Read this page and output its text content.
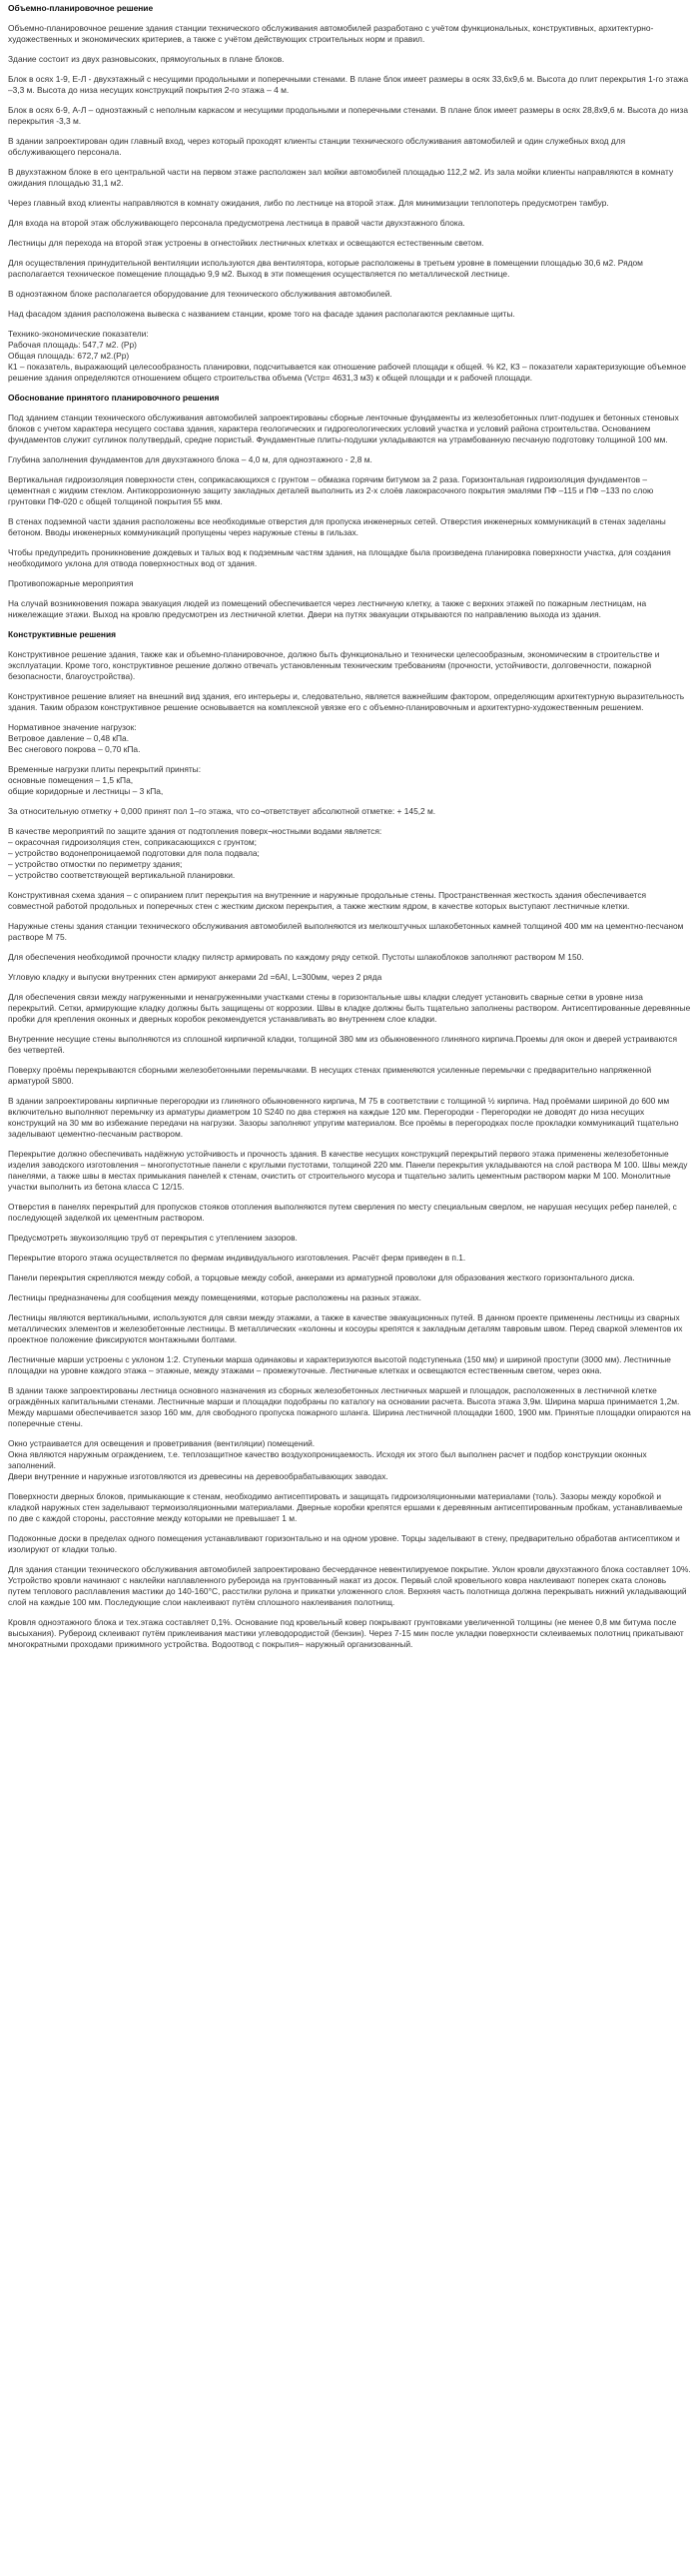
Объемно-планировочное решение
Объемно-планировочное решение здания станции технического обслуживания автомобилей разработано с учётом функциональных, конструктивных, архитектурно-художественных и экономических критериев, а также с учётом действующих строительных норм и правил.
Здание состоит из двух разновысоких, прямоугольных в плане блоков.
Блок в осях 1-9, Е-Л - двухэтажный с несущими продольными и поперечными стенами. В плане блок имеет размеры в осях 33,6х9,6 м. Высота до плит перекрытия 1-го этажа –3,3 м. Высота до низа несущих конструкций покрытия 2-го этажа – 4 м.
Блок в осях 6-9, А-Л – одноэтажный с неполным каркасом и несущими продольными и поперечными стенами. В плане блок имеет размеры в осях 28,8х9,6 м. Высота до низа перекрытия -3,3 м.
В здании запроектирован один главный вход, через который проходят клиенты станции технического обслуживания автомобилей и один служебных вход для обслуживающего персонала.
В двухэтажном блоке в его центральной части на первом этаже расположен зал мойки автомобилей площадью 112,2 м2. Из зала мойки клиенты направляются в комнату ожидания площадью 31,1 м2.
Через главный вход клиенты направляются в комнату ожидания, либо по лестнице на второй этаж. Для минимизации теплопотерь предусмотрен тамбур.
Для входа на второй этаж обслуживающего персонала предусмотрена лестница в правой части двухэтажного блока.
Лестницы для перехода на второй этаж устроены в огнестойких лестничных клетках и освещаются естественным светом.
Для осуществления принудительной вентиляции используются два вентилятора, которые расположены в третьем уровне в помещении площадью 30,6 м2. Рядом располагается техническое помещение площадью 9,9 м2. Выход в эти помещения осуществляется по металлической лестнице.
В одноэтажном блоке располагается оборудование для технического обслуживания автомобилей.
Над фасадом здания расположена вывеска с названием станции, кроме того на фасаде здания располагаются рекламные щиты.
Технико-экономические показатели:
Рабочая площадь: 547,7 м2. (Рр)
Общая площадь: 672,7 м2.(Рр)
К1 – показатель, выражающий целесообразность планировки, подсчитывается как отношение рабочей площади к общей. % К2, К3 – показатели характеризующие объемное решение здания определяются отношением общего строительства объема (Vстр= 4631,3 м3) к общей площади и к рабочей площади.
Обоснование принятого планировочного решения
Под зданием станции технического обслуживания автомобилей запроектированы сборные ленточные фундаменты из железобетонных плит-подушек и бетонных стеновых блоков с учетом характера несущего состава здания, характера геологических и гидрогеологических условий участка и условий района строительства. Основанием фундаментов служит суглинок полутвердый, средне пористый. Фундаментные плиты-подушки укладываются на утрамбованную песчаную подготовку толщиной 100 мм.
Глубина заполнения фундаментов для двухэтажного блока – 4,0 м, для одноэтажного - 2,8 м.
Вертикальная гидроизоляция поверхности стен, соприкасающихся с грунтом – обмазка горячим битумом за 2 раза. Горизонтальная гидроизоляция фундаментов – цементная с жидким стеклом. Антикоррозионную защиту закладных деталей выполнить из 2-х слоёв лакокрасочного покрытия эмалями ПФ –115 и ПФ –133 по слою грунтовки ПФ-020 с общей толщиной покрытия 55 мкм.
В стенах подземной части здания расположены все необходимые отверстия для пропуска инженерных сетей. Отверстия инженерных коммуникаций в стенах заделаны бетоном. Вводы инженерных коммуникаций пропущены через наружные стены в гильзах.
Чтобы предупредить проникновение дождевых и талых вод к подземным частям здания, на площадке была произведена планировка поверхности участка, для создания необходимого уклона для отвода поверхностных вод от здания.
Противопожарные мероприятия
На случай возникновения пожара эвакуация людей из помещений обеспечивается через лестничную клетку, а также с верхних этажей по пожарным лестницам, на нижележащие этажи. Выход на кровлю предусмотрен из лестничной клетки. Двери на путях эвакуации открываются по направлению выхода из здания.
Конструктивные решения
Конструктивное решение здания, также как и объемно-планировочное, должно быть функционально и технически целесообразным, экономическим в строительстве и эксплуатации. Кроме того, конструктивное решение должно отвечать установленным техническим требованиям (прочности, устойчивости, долговечности, пожарной безопасности, благоустройства).
Конструктивное решение влияет на внешний вид здания, его интерьеры и, следовательно, является важнейшим фактором, определяющим архитектурную выразительность здания. Таким образом конструктивное решение основывается на комплексной увязке его с объемно-планировочным и архитектурно-художественным решением.
Нормативное значение нагрузок:
Ветровое давление – 0,48 кПа.
Вес снегового покрова – 0,70 кПа.
Временные нагрузки плиты перекрытий приняты:
основные помещения – 1,5 кПа,
общие коридорные и лестницы – 3 кПа,
За относительную отметку + 0,000 принят пол 1–го этажа, что со¬ответствует абсолютной отметке: + 145,2 м.
В качестве мероприятий по защите здания от подтопления поверх¬ностными водами является:
– окрасочная гидроизоляция стен, соприкасающихся с грунтом;
– устройство водонепроницаемой подготовки для пола подвала;
– устройство отмостки по периметру здания;
– устройство соответствующей вертикальной планировки.
Конструктивная схема здания – с опиранием плит перекрытия на внутренние и наружные продольные стены. Пространственная жесткость здания обеспечивается совместной работой продольных и поперечных стен с жестким диском перекрытия, а также жестким ядром, в качестве которых выступают лестничные клетки.
Наружные стены здания станции технического обслуживания автомобилей выполняются из мелкоштучных шлакобетонных камней толщиной 400 мм на цементно-песчаном растворе М 75.
Для обеспечения необходимой прочности кладку пилястр армировать по каждому ряду сеткой. Пустоты шлакоблоков заполняют раствором М 150.
Угловую кладку и выпуски внутренних стен армируют анкерами 2d =6AI, L=300мм, через 2 ряда
Для обеспечения связи между нагруженными и ненагруженными участками стены в горизонтальные швы кладки следует установить сварные сетки в уровне низа перекрытий. Сетки, армирующие кладку должны быть защищены от коррозии. Швы в кладке должны быть тщательно заполнены раствором. Антисептированные деревянные пробки для крепления оконных и дверных коробок рекомендуется устанавливать во внутреннем слое кладки.
Внутренние несущие стены выполняются из сплошной кирпичной кладки, толщиной 380 мм из обыкновенного глиняного кирпича.Проемы для окон и дверей устраиваются без четвертей.
Поверху проёмы перекрываются сборными железобетонными перемычками. В несущих стенах применяются усиленные перемычки с предварительно напряженной арматурой S800.
В здании запроектированы кирпичные перегородки из глиняного обыкновенного кирпича, М 75 в соответствии с толщиной ½ кирпича. Над проёмами шириной до 600 мм включительно выполняют перемычку из арматуры диаметром 10 S240 по два стержня на каждые 120 мм. Перегородки - Перегородки не доводят до низа несущих конструкций на 30 мм во избежание передачи на нагрузки. Зазоры заполняют упругим материалом. Все проёмы в перегородках после прокладки коммуникаций тщательно заделывают цементно-песчаным раствором.
Перекрытие должно обеспечивать надёжную устойчивость и прочность здания. В качестве несущих конструкций перекрытий первого этажа применены железобетонные изделия заводского изготовления – многопустотные панели с круглыми пустотами, толщиной 220 мм. Панели перекрытия укладываются на слой раствора М 100. Швы между панелями, а также швы в местах примыкания панелей к стенам, очистить от строительного мусора и тщательно залить цементным раствором марки М 100. Монолитные участки выполнить из бетона класса С 12/15.
Отверстия в панелях перекрытий для пропусков стояков отопления выполняются путем сверления по месту специальным сверлом, не нарушая несущих ребер панелей, с последующей заделкой их цементным раствором.
Предусмотреть звукоизоляцию труб от перекрытия с утеплением зазоров.
Перекрытие второго этажа осуществляется по фермам индивидуального изготовления. Расчёт ферм приведен в п.1.
Панели перекрытия скрепляются между собой, а торцовые между собой, анкерами из арматурной проволоки для образования жесткого горизонтального диска.
Лестницы предназначены для сообщения между помещениями, которые расположены на разных этажах.
Лестницы являются вертикальными, используются для связи между этажами, а также в качестве эвакуационных путей. В данном проекте применены лестницы из сварных металлических элементов и железобетонные лестницы. В металлических «колонны и косоуры крепятся к закладным деталям тавровым швом. Перед сваркой элементов их проектное положение фиксируются монтажными болтами.
Лестничные марши устроены с уклоном 1:2. Ступеньки марша одинаковы и характеризуются высотой подступенька (150 мм) и шириной проступи (3000 мм). Лестничные площадки на уровне каждого этажа – этажные, между этажами – промежуточные. Лестничные клетках и освещаются естественным светом, через окна.
В здании также запроектированы лестница основного назначения из сборных железобетонных лестничных маршей и площадок, расположенных в лестничной клетке ограждённых капитальными стенами. Лестничные марши и площадки подобраны по каталогу на основании расчета. Высота этажа 3,9м. Ширина марша принимается 1,2м. Между маршами обеспечивается зазор 160 мм, для свободного пропуска пожарного шланга. Ширина лестничной площадки 1600, 1900 мм. Принятые площадки опираются на поперечные стены.
Окно устраивается для освещения и проветривания (вентиляции) помещений.
Окна являются наружным ограждением, т.е. теплозащитное качество воздухопроницаемость. Исходя их этого был выполнен расчет и подбор конструкции оконных заполнений.
Двери внутренние и наружные изготовляются из древесины на деревообрабатывающих заводах.
Поверхности дверных блоков, примыкающие к стенам, необходимо антисептировать и защищать гидроизоляционными материалами (толь). Зазоры между коробкой и кладкой наружных стен заделывают термоизоляционными материалами. Дверные коробки крепятся ершами к деревянным антисептированным пробкам, устанавливаемые по две с каждой стороны, расстояние между которыми не превышает 1 м.
Подоконные доски в пределах одного помещения устанавливают горизонтально и на одном уровне. Торцы заделывают в стену, предварительно обработав антисептиком и изолируют от кладки толью.
Для здания станции технического обслуживания автомобилей запроектировано бесчердачное невентилируемое покрытие. Уклон кровли двухэтажного блока составляет 10%. Устройство кровли начинают с наклейки наплавленного рубероида на грунтованный накат из досок. Первый слой кровельного ковра наклеивают поперек ската слоновь путем теплового расплавления мастики до 140-160°С, расстилки рулона и прикатки уложенного слоя. Верхняя часть полотнища должна перекрывать нижний укладывающий слой на каждые 100 мм. Последующие слои наклеивают путём сплошного наклеивания полотнищ.
Кровля одноэтажного блока и тех.этажа составляет 0,1%. Основание под кровельный ковер покрывают грунтовками увеличенной толщины (не менее 0,8 мм битума после высыхания). Рубероид склеивают путём приклеивания мастики углеводородистой (бензин). Через 7-15 мин после укладки поверхности склеиваемых полотниц прикатывают многократными проходами прижимного устройства. Водоотвод с покрытия– наружный организованный.
